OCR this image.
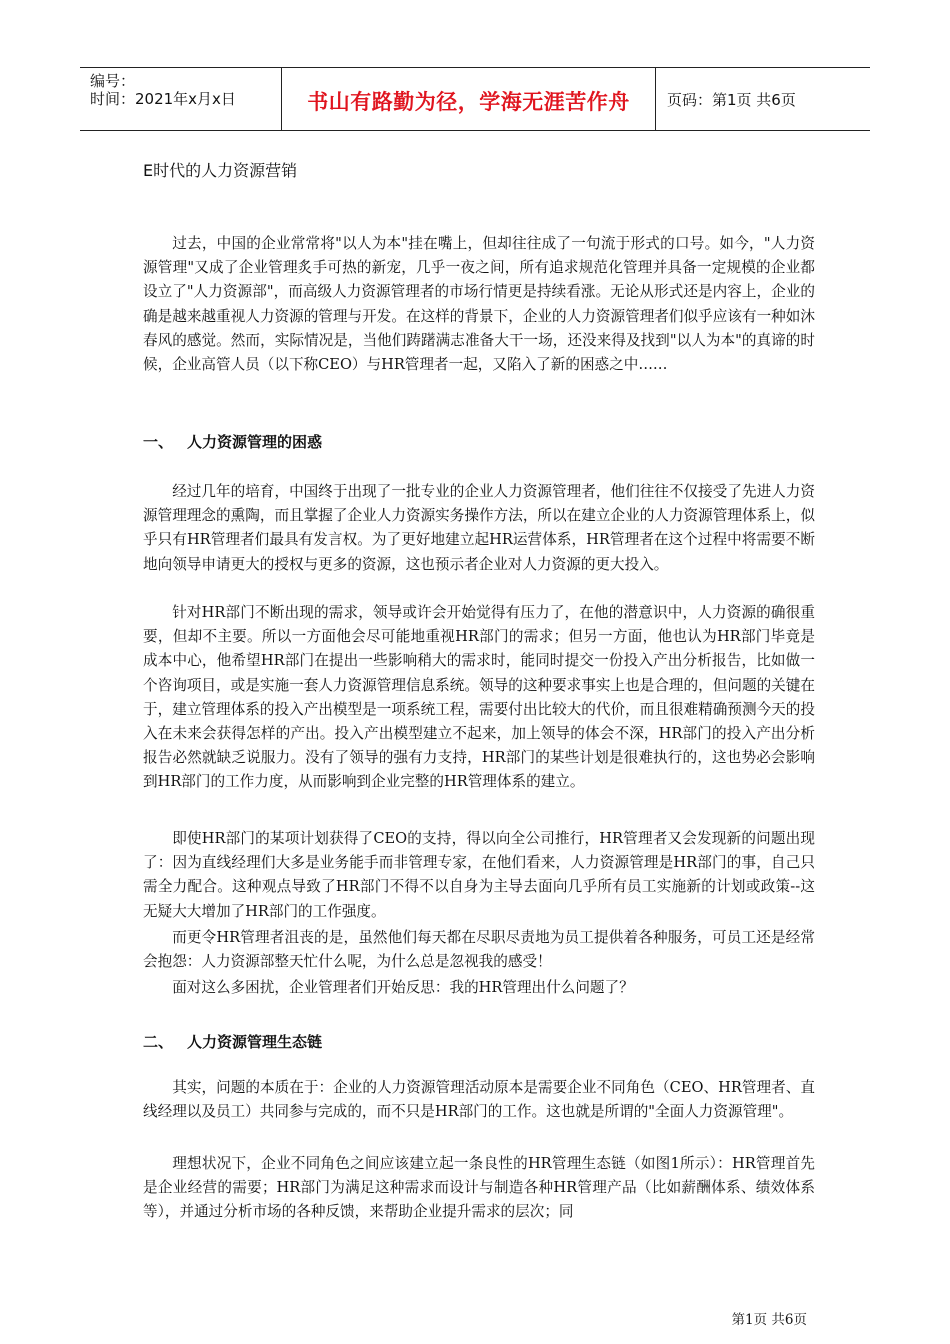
编号：
时间：2021年x月x日	书山有路勤为径，学海无涯苦作舟	页码：第1页 共6页
E时代的人力资源营销

过去，中国的企业常常将"以人为本"挂在嘴上，但却往往成了一句流于形式的口号。如今，"人力资源管理"又成了企业管理炙手可热的新宠，几乎一夜之间，所有追求规范化管理并具备一定规模的企业都设立了"人力资源部"，而高级人力资源管理者的市场行情更是持续看涨。无论从形式还是内容上，企业的确是越来越重视人力资源的管理与开发。在这样的背景下，企业的人力资源管理者们似乎应该有一种如沐春风的感觉。然而，实际情况是，当他们踌躇满志准备大干一场，还没来得及找到"以人为本"的真谛的时候，企业高管人员（以下称CEO）与HR管理者一起，又陷入了新的困惑之中……

一、 人力资源管理的困惑

经过几年的培育，中国终于出现了一批专业的企业人力资源管理者，他们往往不仅接受了先进人力资源管理理念的熏陶，而且掌握了企业人力资源实务操作方法，所以在建立企业的人力资源管理体系上，似乎只有HR管理者们最具有发言权。为了更好地建立起HR运营体系，HR管理者在这个过程中将需要不断地向领导申请更大的授权与更多的资源，这也预示者企业对人力资源的更大投入。

针对HR部门不断出现的需求，领导或许会开始觉得有压力了，在他的潜意识中，人力资源的确很重要，但却不主要。所以一方面他会尽可能地重视HR部门的需求；但另一方面，他也认为HR部门毕竟是成本中心，他希望HR部门在提出一些影响稍大的需求时，能同时提交一份投入产出分析报告，比如做一个咨询项目，或是实施一套人力资源管理信息系统。领导的这种要求事实上也是合理的，但问题的关键在于，建立管理体系的投入产出模型是一项系统工程，需要付出比较大的代价，而且很难精确预测今天的投入在未来会获得怎样的产出。投入产出模型建立不起来，加上领导的体会不深，HR部门的投入产出分析报告必然就缺乏说服力。没有了领导的强有力支持，HR部门的某些计划是很难执行的，这也势必会影响到HR部门的工作力度，从而影响到企业完整的HR管理体系的建立。

即使HR部门的某项计划获得了CEO的支持，得以向全公司推行，HR管理者又会发现新的问题出现了：因为直线经理们大多是业务能手而非管理专家，在他们看来，人力资源管理是HR部门的事，自己只需全力配合。这种观点导致了HR部门不得不以自身为主导去面向几乎所有员工实施新的计划或政策--这无疑大大增加了HR部门的工作强度。

而更令HR管理者沮丧的是，虽然他们每天都在尽职尽责地为员工提供着各种服务，可员工还是经常会抱怨：人力资源部整天忙什么呢，为什么总是忽视我的感受！

面对这么多困扰，企业管理者们开始反思：我的HR管理出什么问题了？

二、 人力资源管理生态链

其实，问题的本质在于：企业的人力资源管理活动原本是需要企业不同角色（CEO、HR管理者、直线经理以及员工）共同参与完成的，而不只是HR部门的工作。这也就是所谓的"全面人力资源管理"。

理想状况下，企业不同角色之间应该建立起一条良性的HR管理生态链（如图1所示）：HR管理首先是企业经营的需要；HR部门为满足这种需求而设计与制造各种HR管理产品（比如薪酬体系、绩效体系等），并通过分析市场的各种反馈，来帮助企业提升需求的层次；同

第1页 共6页
